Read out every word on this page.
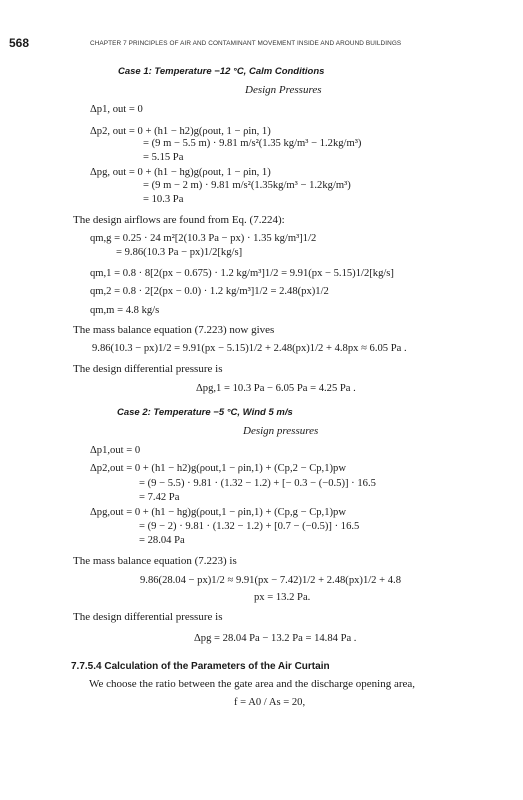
568	CHAPTER 7 PRINCIPLES OF AIR AND CONTAMINANT MOVEMENT INSIDE AND AROUND BUILDINGS
Case 1: Temperature −12 °C, Calm Conditions
Design Pressures
Δp1, out = 0
Δp2, out = 0 + (h1 − h2)g(ρout, 1 − ρin, 1)
= (9 m − 5.5 m) · 9.81 m/s²(1.35 kg/m³ − 1.2kg/m³)
= 5.15 Pa
Δpg, out = 0 + (h1 − hg)g(ρout, 1 − ρin, 1)
= (9 m − 2 m) · 9.81 m/s²(1.35kg/m³ − 1.2kg/m³)
= 10.3 Pa
The design airflows are found from Eq. (7.224):
qm,g = 0.25 · 24 m²[2(10.3 Pa − px) · 1.35 kg/m³]1/2
= 9.86(10.3 Pa − px)1/2[kg/s]
qm,1 = 0.8 · 8[2(px − 0.675) · 1.2 kg/m³]1/2 = 9.91(px − 5.15)1/2[kg/s]
qm,2 = 0.8 · 2[2(px − 0.0) · 1.2 kg/m³]1/2 = 2.48(px)1/2
qm,m = 4.8 kg/s
The mass balance equation (7.223) now gives
9.86(10.3 − px)1/2 = 9.91(px − 5.15)1/2 + 2.48(px)1/2 + 4.8px ≈ 6.05 Pa .
The design differential pressure is
Δpg,1 = 10.3 Pa − 6.05 Pa = 4.25 Pa .
Case 2: Temperature −5 °C, Wind 5 m/s
Design pressures
Δp1,out = 0
Δp2,out = 0 + (h1 − h2)g(ρout,1 − ρin,1) + (Cp,2 − Cp,1)pw
= (9 − 5.5) · 9.81 · (1.32 − 1.2) + [− 0.3 − (−0.5)] · 16.5
= 7.42 Pa
Δpg,out = 0 + (h1 − hg)g(ρout,1 − ρin,1) + (Cp,g − Cp,1)pw
= (9 − 2) · 9.81 · (1.32 − 1.2) + [0.7 − (−0.5)] · 16.5
= 28.04 Pa
The mass balance equation (7.223) is
9.86(28.04 − px)1/2 ≈ 9.91(px − 7.42)1/2 + 2.48(px)1/2 + 4.8
px = 13.2 Pa.
The design differential pressure is
Δpg = 28.04 Pa − 13.2 Pa = 14.84 Pa .
7.7.5.4 Calculation of the Parameters of the Air Curtain
We choose the ratio between the gate area and the discharge opening area,
f = A0 / As = 20,
